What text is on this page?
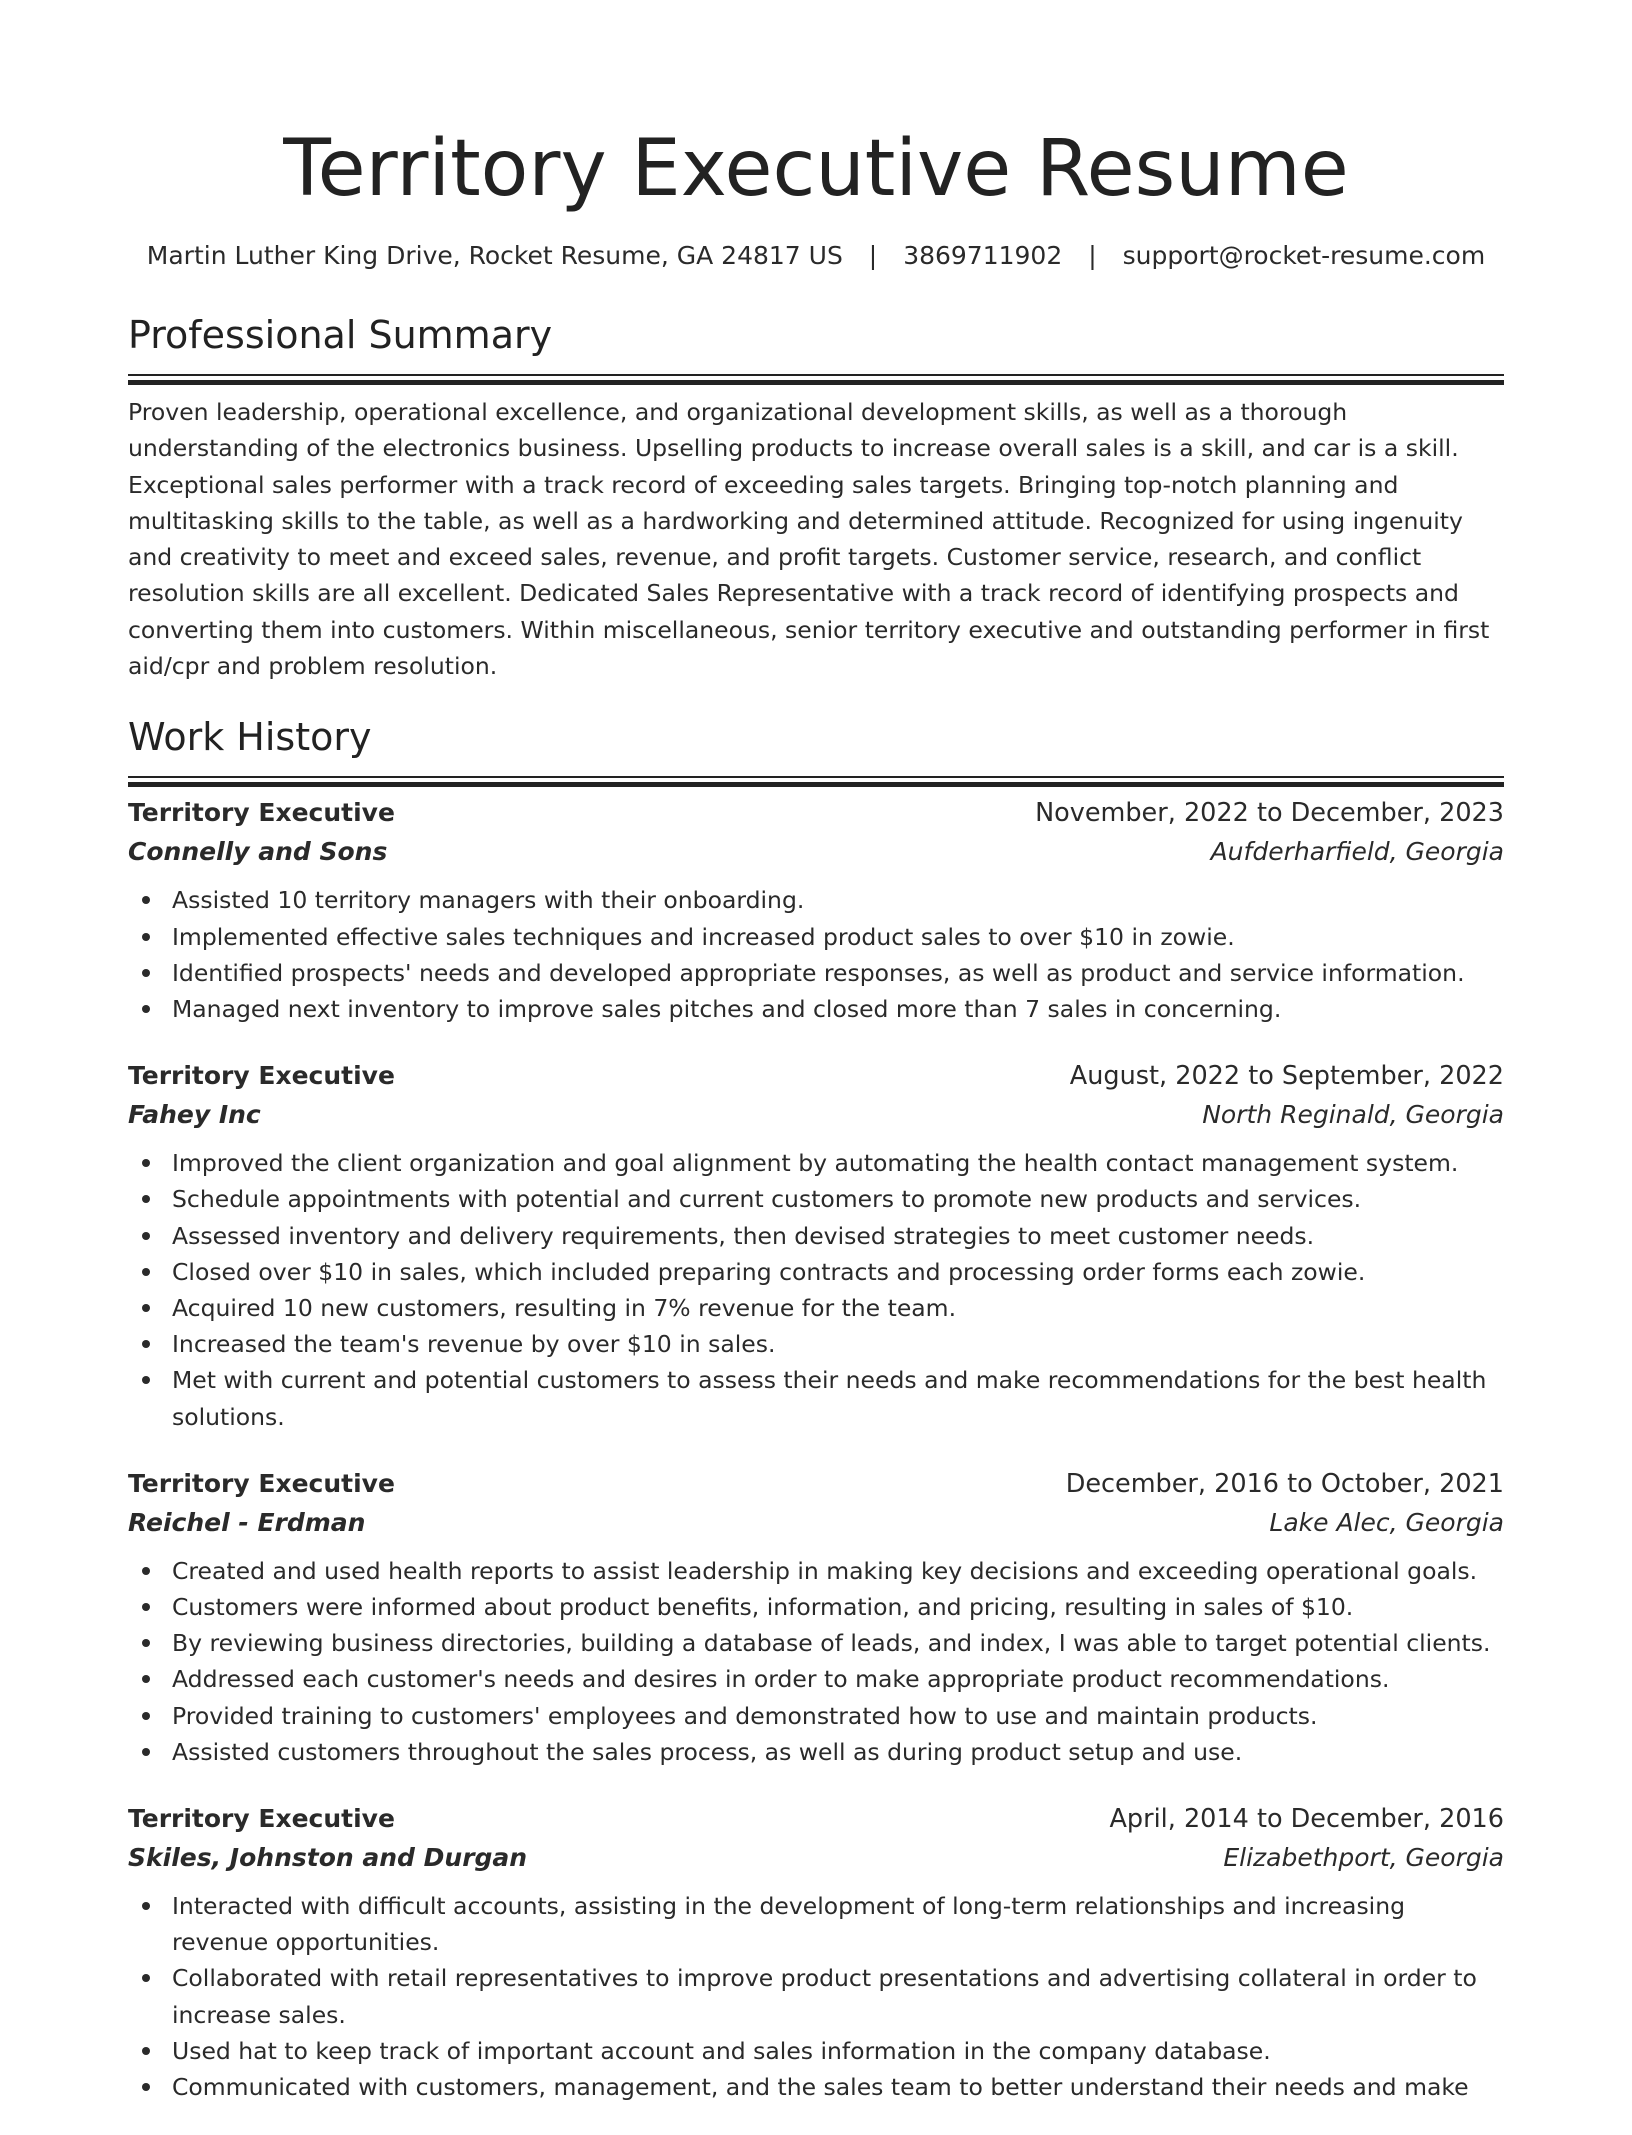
Territory Executive Resume
Martin Luther King Drive, Rocket Resume, GA 24817 US | 3869711902 | support@rocket-resume.com
Professional Summary

Proven leadership, operational excellence, and organizational development skills, as well as a thorough understanding of the electronics business. Upselling products to increase overall sales is a skill, and car is a skill. Exceptional sales performer with a track record of exceeding sales targets. Bringing top-notch planning and multitasking skills to the table, as well as a hardworking and determined attitude. Recognized for using ingenuity and creativity to meet and exceed sales, revenue, and profit targets. Customer service, research, and conflict resolution skills are all excellent. Dedicated Sales Representative with a track record of identifying prospects and converting them into customers. Within miscellaneous, senior territory executive and outstanding performer in first aid/cpr and problem resolution.

Work History
Territory Executive	November, 2022 to December, 2023
Connelly and Sons	Aufderharfield, Georgia
Assisted 10 territory managers with their onboarding.
Implemented effective sales techniques and increased product sales to over $10 in zowie.
Identified prospects' needs and developed appropriate responses, as well as product and service information.
Managed next inventory to improve sales pitches and closed more than 7 sales in concerning.
Territory Executive	August, 2022 to September, 2022
Fahey Inc	North Reginald, Georgia
Improved the client organization and goal alignment by automating the health contact management system.
Schedule appointments with potential and current customers to promote new products and services.
Assessed inventory and delivery requirements, then devised strategies to meet customer needs.
Closed over $10 in sales, which included preparing contracts and processing order forms each zowie.
Acquired 10 new customers, resulting in 7% revenue for the team.
Increased the team's revenue by over $10 in sales.
Met with current and potential customers to assess their needs and make recommendations for the best health solutions.
Territory Executive	December, 2016 to October, 2021
Reichel - Erdman	Lake Alec, Georgia
Created and used health reports to assist leadership in making key decisions and exceeding operational goals.
Customers were informed about product benefits, information, and pricing, resulting in sales of $10.
By reviewing business directories, building a database of leads, and index, I was able to target potential clients.
Addressed each customer's needs and desires in order to make appropriate product recommendations.
Provided training to customers' employees and demonstrated how to use and maintain products.
Assisted customers throughout the sales process, as well as during product setup and use.
Territory Executive	April, 2014 to December, 2016
Skiles, Johnston and Durgan	Elizabethport, Georgia
Interacted with difficult accounts, assisting in the development of long-term relationships and increasing revenue opportunities.
Collaborated with retail representatives to improve product presentations and advertising collateral in order to increase sales.
Used hat to keep track of important account and sales information in the company database.
Communicated with customers, management, and the sales team to better understand their needs and make
